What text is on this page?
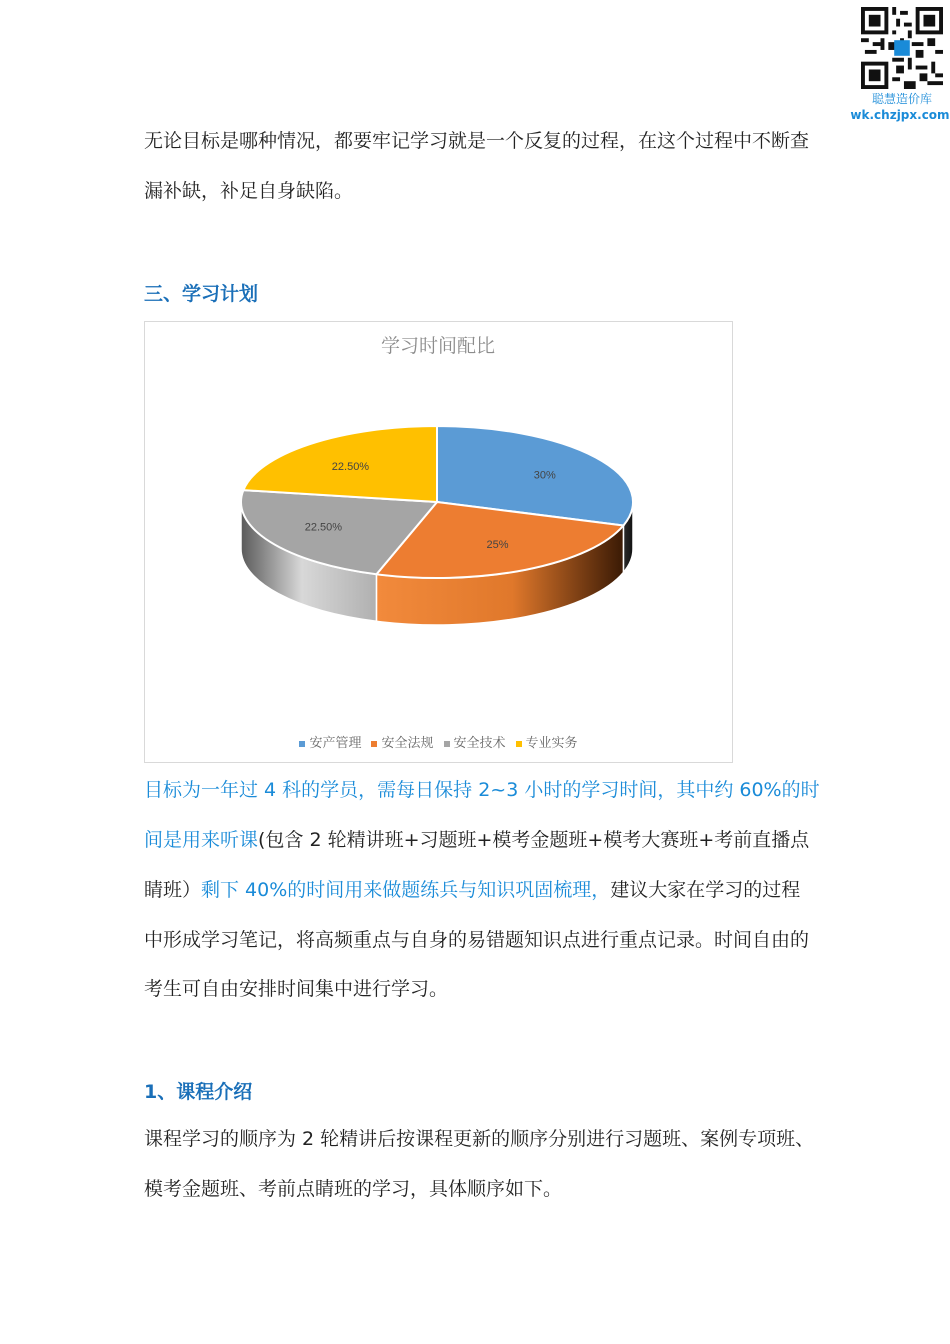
聪慧造价库
wk.chzjpx.com
无论目标是哪种情况，都要牢记学习就是一个反复的过程，在这个过程中不断查
漏补缺，补足自身缺陷。
三、学习计划
学习时间配比
30%
25%
22.50%
22.50%
安产管理 安全法规 安全技术 专业实务
目标为一年过 4 科的学员，需每日保持 2~3 小时的学习时间，其中约 60%的时
间是用来听课(包含 2 轮精讲班+习题班+模考金题班+模考大赛班+考前直播点
睛班）剩下 40%的时间用来做题练兵与知识巩固梳理，建议大家在学习的过程
中形成学习笔记，将高频重点与自身的易错题知识点进行重点记录。时间自由的
考生可自由安排时间集中进行学习。
1、课程介绍
课程学习的顺序为 2 轮精讲后按课程更新的顺序分别进行习题班、案例专项班、
模考金题班、考前点睛班的学习，具体顺序如下。
